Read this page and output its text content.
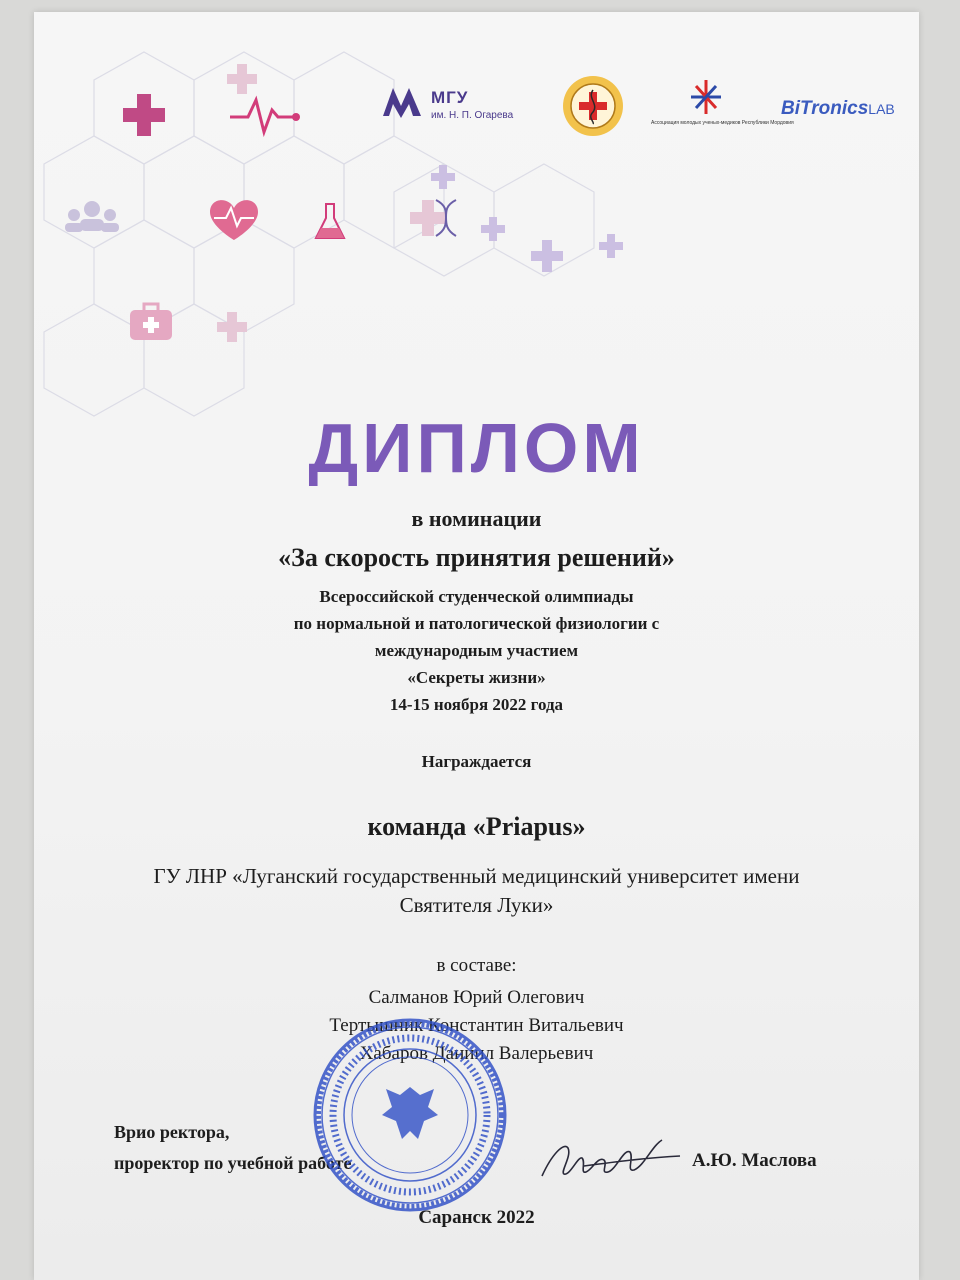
МГУ
им. Н. П. Огарева
Ассоциация молодых ученых-медиков Республики Мордовия
BiTronicsLAB
ДИПЛОМ
в номинации
«За скорость принятия решений»
Всероссийской студенческой олимпиады
по нормальной и патологической физиологии с
международным участием
«Секреты жизни»
14-15 ноября 2022 года
Награждается
команда «Priapus»
ГУ ЛНР «Луганский государственный медицинский университет имени
Святителя Луки»
в составе:
Салманов Юрий Олегович
Тертышник Константин Витальевич
Хабаров Даниил Валерьевич
Врио ректора,
проректор по учебной работе	А.Ю. Маслова
Саранск 2022
